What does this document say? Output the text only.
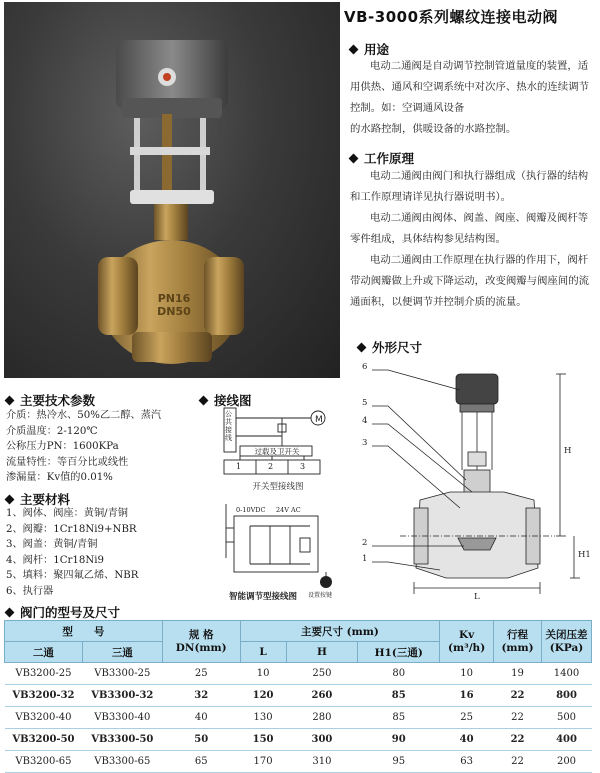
PN16
DN50
VB-3000系列螺纹连接电动阀
用途
电动二通阀是自动调节控制管道量度的装置，适
用供热、通风和空调系统中对次序、热水的连续调节
控制。如：空调通风设备
的水路控制，供暖设备的水路控制。
工作原理
电动二通阀由阀门和执行器组成（执行器的结构
和工作原理请详见执行器说明书）。
电动二通阀由阀体、阀盖、阀座、阀瓣及阀杆等
零件组成，具体结构参见结构图。
电动二通阀由工作原理在执行器的作用下，阀杆
带动阀瓣做上升或下降运动，改变阀瓣与阀座间的流
通面积，以便调节并控制介质的流量。
外形尺寸
6
5
4
3
2
1
H
H1
L
主要技术参数
介质：热冷水、50%乙二醇、蒸汽
介质温度：2-120℃
公称压力PN：1600KPa
流量特性：等百分比或线性
渗漏量：Kv值的0.01%
主要材料
1、阀体、阀座：黄铜/青铜
2、阀瓣：1Cr18Ni9+NBR
3、阀盖：黄铜/青铜
4、阀杆：1Cr18Ni9
5、填料：聚四氟乙烯、NBR
6、执行器
接线图
M
公共接线
过载及卫开关
1	2	3
开关型接线图
0-10VDC 24V AC
设置按键
智能调节型接线图
阀门的型号及尺寸
型　　号		规 格
DN(mm)	主要尺寸 (mm)			Kv
(m³/h)	行程
(mm)	关闭压差
(KPa)
二通	三通		L	H	H1(三通)			
VB3200-25	VB3300-25	25	10	250	80	10	19	1400
VB3200-32	VB3300-32	32	120	260	85	16	22	800
VB3200-40	VB3300-40	40	130	280	85	25	22	500
VB3200-50	VB3300-50	50	150	300	90	40	22	400
VB3200-65	VB3300-65	65	170	310	95	63	22	200
